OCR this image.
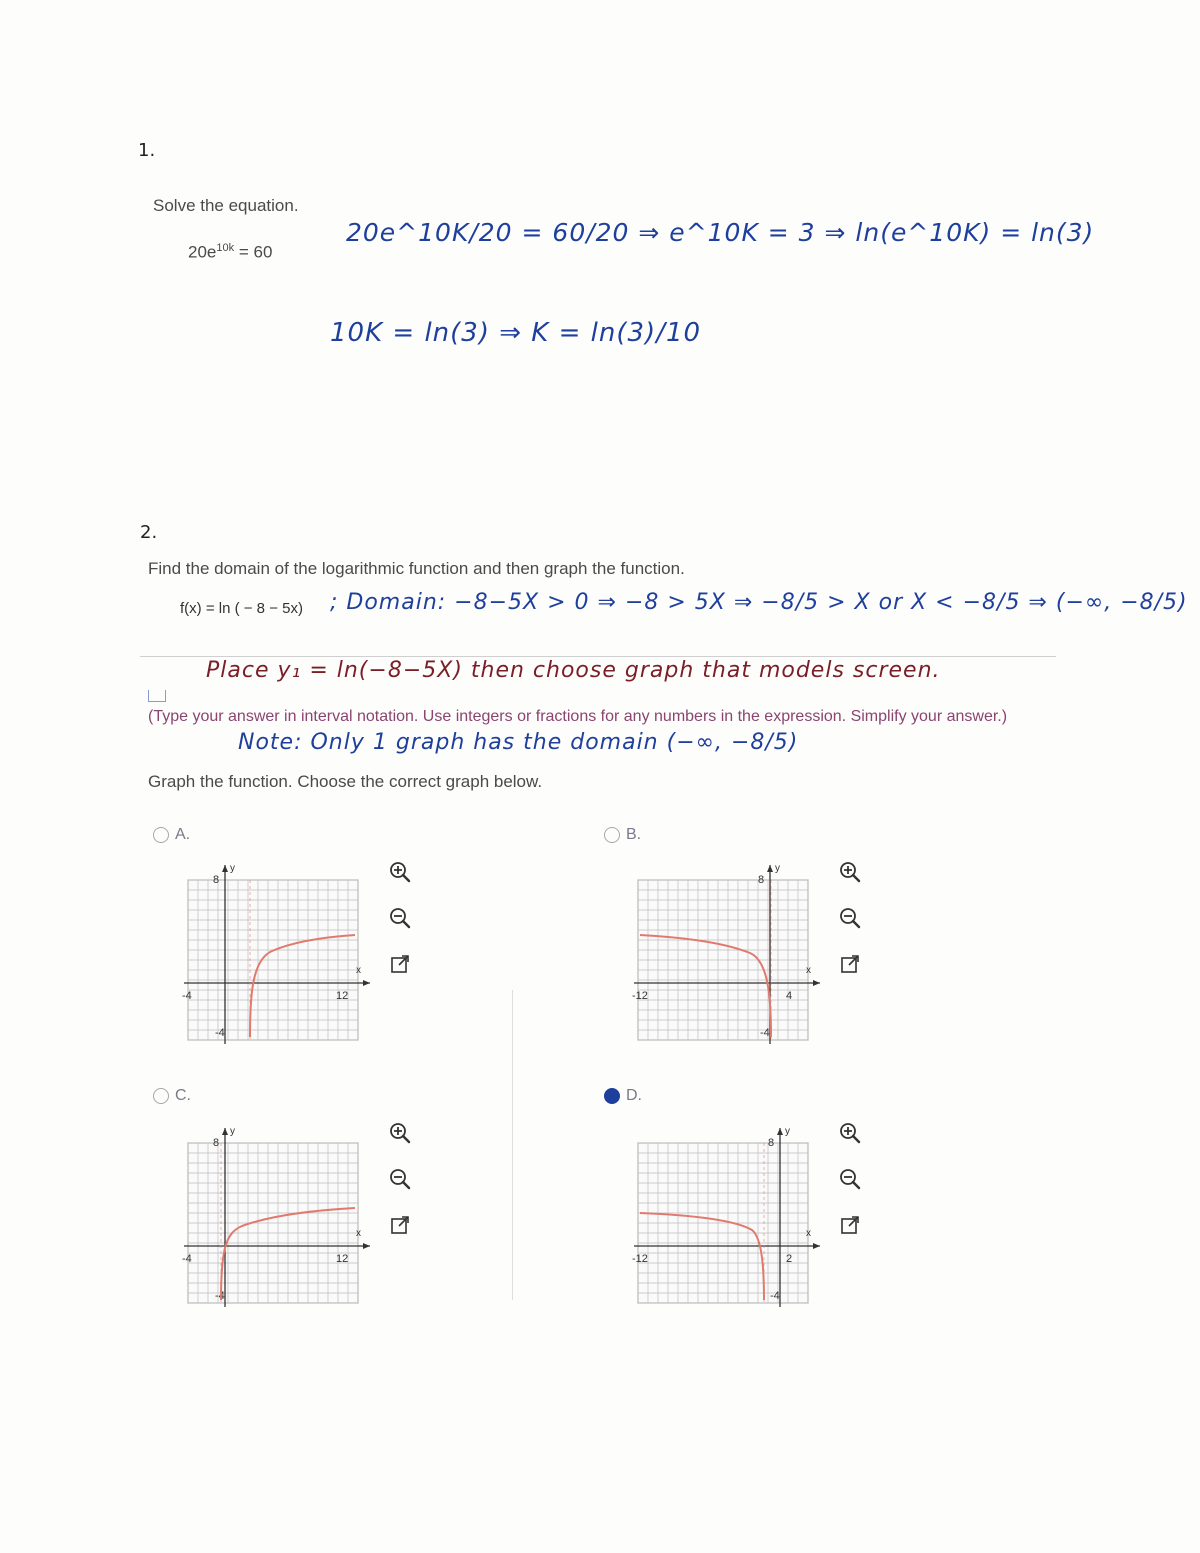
1.
Solve the equation.
$20e^{10k} = 60$
20e^10K/20 = 60/20 ⇒ e^10K = 3 ⇒ ln(e^10K) = ln(3)
10K = ln(3) ⇒ K = ln(3)/10
2.
Find the domain of the logarithmic function and then graph the function.
f(x) = ln ( − 8 − 5x) ; Domain: −8−5X > 0 ⇒ −8 > 5X ⇒ −8/5 > X or X < −8/5 ⇒ (−∞, −8/5)
Place y₁ = ln(−8−5X) then choose graph that models screen.
(Type your answer in interval notation. Use integers or fractions for any numbers in the expression. Simplify your answer.)
Note: Only 1 graph has the domain (−∞, −8/5)
Graph the function. Choose the correct graph below.
A.	B.
C.	D.
x
y
-4	12
8
-4
x
y
-12	4
8
-4
x
y
-4	12
8
-4
x
y
-12	2
8
-4
